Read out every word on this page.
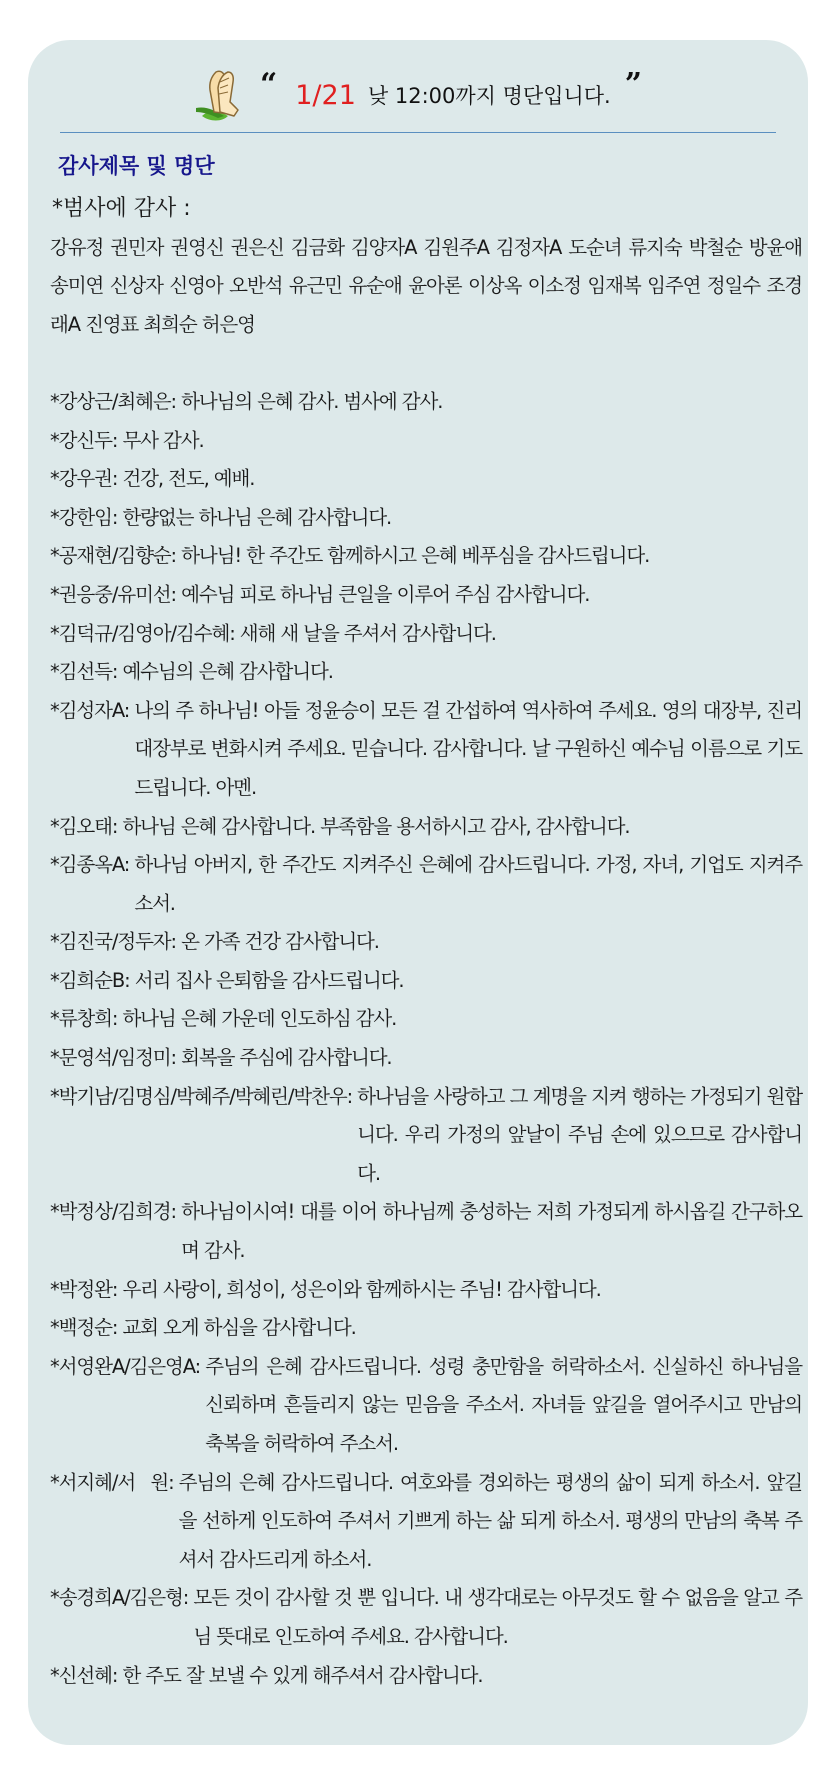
“ 1/21 낮 12:00까지 명단입니다. ”
감사제목 및 명단
*범사에 감사 :
강유정 권민자 권영신 권은신 김금화 김양자A 김원주A 김정자A 도순녀 류지숙 박철순 방윤애 송미연 신상자 신영아 오반석 유근민 유순애 윤아론 이상옥 이소정 임재복 임주연 정일수 조경래A 진영표 최희순 허은영
*강상근/최혜은: 하나님의 은혜 감사. 범사에 감사.
*강신두: 무사 감사.
*강우권: 건강, 전도, 예배.
*강한임: 한량없는 하나님 은혜 감사합니다.
*공재현/김향순: 하나님! 한 주간도 함께하시고 은혜 베푸심을 감사드립니다.
*권응중/유미선: 예수님 피로 하나님 큰일을 이루어 주심 감사합니다.
*김덕규/김영아/김수혜: 새해 새 날을 주셔서 감사합니다.
*김선득: 예수님의 은혜 감사합니다.
*김성자A: 나의 주 하나님! 아들 정윤승이 모든 걸 간섭하여 역사하여 주세요. 영의 대장부, 진리 대장부로 변화시켜 주세요. 믿습니다. 감사합니다. 날 구원하신 예수님 이름으로 기도드립니다. 아멘.
*김오태: 하나님 은혜 감사합니다. 부족함을 용서하시고 감사, 감사합니다.
*김종옥A: 하나님 아버지, 한 주간도 지켜주신 은혜에 감사드립니다. 가정, 자녀, 기업도 지켜주소서.
*김진국/정두자: 온 가족 건강 감사합니다.
*김희순B: 서리 집사 은퇴함을 감사드립니다.
*류창희: 하나님 은혜 가운데 인도하심 감사.
*문영석/임정미: 회복을 주심에 감사합니다.
*박기남/김명심/박혜주/박혜린/박찬우: 하나님을 사랑하고 그 계명을 지켜 행하는 가정되기 원합니다. 우리 가정의 앞날이 주님 손에 있으므로 감사합니다.
*박정상/김희경: 하나님이시여! 대를 이어 하나님께 충성하는 저희 가정되게 하시옵길 간구하오며 감사.
*박정완: 우리 사랑이, 희성이, 성은이와 함께하시는 주님! 감사합니다.
*백정순: 교회 오게 하심을 감사합니다.
*서영완A/김은영A: 주님의 은혜 감사드립니다. 성령 충만함을 허락하소서. 신실하신 하나님을 신뢰하며 흔들리지 않는 믿음을 주소서. 자녀들 앞길을 열어주시고 만남의 축복을 허락하여 주소서.
*서지혜/서   원: 주님의 은혜 감사드립니다. 여호와를 경외하는 평생의 삶이 되게 하소서. 앞길을 선하게 인도하여 주셔서 기쁘게 하는 삶 되게 하소서. 평생의 만남의 축복 주셔서 감사드리게 하소서.
*송경희A/김은형: 모든 것이 감사할 것 뿐 입니다. 내 생각대로는 아무것도 할 수 없음을 알고 주님 뜻대로 인도하여 주세요. 감사합니다.
*신선혜: 한 주도 잘 보낼 수 있게 해주셔서 감사합니다.
